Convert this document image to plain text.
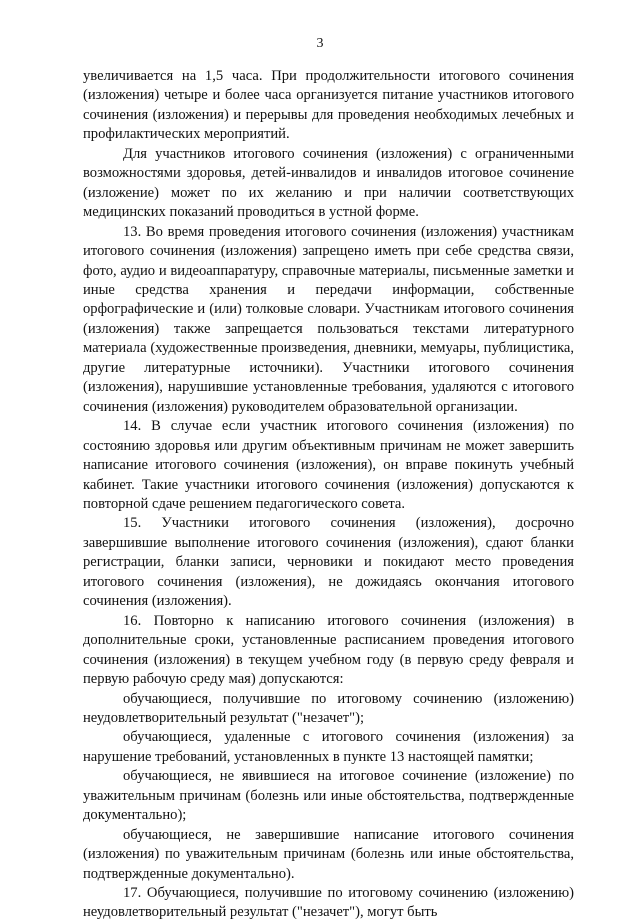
3

увеличивается на 1,5 часа. При продолжительности итогового сочинения (изложения) четыре и более часа организуется питание участников итогового сочинения (изложения) и перерывы для проведения необходимых лечебных и профилактических мероприятий.

Для участников итогового сочинения (изложения) с ограниченными возможностями здоровья, детей-инвалидов и инвалидов итоговое сочинение (изложение) может по их желанию и при наличии соответствующих медицинских показаний проводиться в устной форме.

13. Во время проведения итогового сочинения (изложения) участникам итогового сочинения (изложения) запрещено иметь при себе средства связи, фото, аудио и видеоаппаратуру, справочные материалы, письменные заметки и иные средства хранения и передачи информации, собственные орфографические и (или) толковые словари. Участникам итогового сочинения (изложения) также запрещается пользоваться текстами литературного материала (художественные произведения, дневники, мемуары, публицистика, другие литературные источники). Участники итогового сочинения (изложения), нарушившие установленные требования, удаляются с итогового сочинения (изложения) руководителем образовательной организации.

14. В случае если участник итогового сочинения (изложения) по состоянию здоровья или другим объективным причинам не может завершить написание итогового сочинения (изложения), он вправе покинуть учебный кабинет. Такие участники итогового сочинения (изложения) допускаются к повторной сдаче решением педагогического совета.

15. Участники итогового сочинения (изложения), досрочно завершившие выполнение итогового сочинения (изложения), сдают бланки регистрации, бланки записи, черновики и покидают место проведения итогового сочинения (изложения), не дожидаясь окончания итогового сочинения (изложения).

16. Повторно к написанию итогового сочинения (изложения) в дополнительные сроки, установленные расписанием проведения итогового сочинения (изложения) в текущем учебном году (в первую среду февраля и первую рабочую среду мая) допускаются:

обучающиеся, получившие по итоговому сочинению (изложению) неудовлетворительный результат ("незачет");

обучающиеся, удаленные с итогового сочинения (изложения) за нарушение требований, установленных в пункте 13 настоящей памятки;

обучающиеся, не явившиеся на итоговое сочинение (изложение) по уважительным причинам (болезнь или иные обстоятельства, подтвержденные документально);

обучающиеся, не завершившие написание итогового сочинения (изложения) по уважительным причинам (болезнь или иные обстоятельства, подтвержденные документально).

17. Обучающиеся, получившие по итоговому сочинению (изложению) неудовлетворительный результат ("незачет"), могут быть
